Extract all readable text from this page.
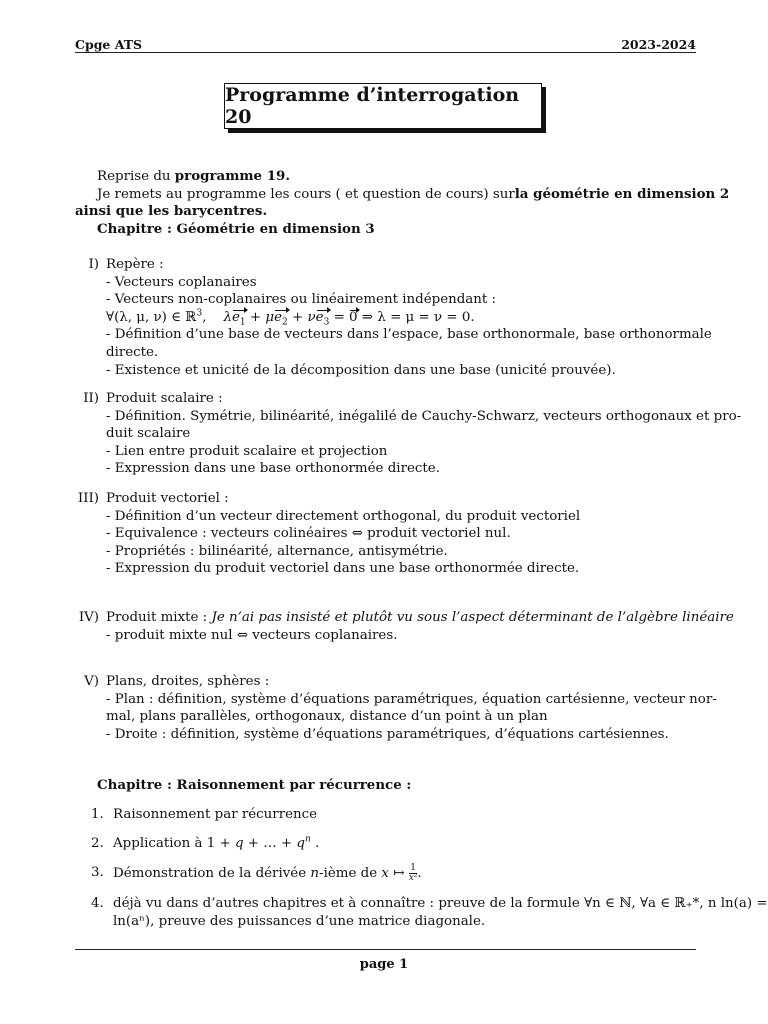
Cpge ATS	2023-2024
Programme d’interrogation 20
Reprise du programme 19.
Je remets au programme les cours ( et question de cours) sur la géométrie en dimension 2
ainsi que les barycentres.
Chapitre : Géométrie en dimension 3
I) Repère :
- Vecteurs coplanaires
- Vecteurs non-coplanaires ou linéairement indépendant :
∀(λ, μ, ν) ∈ ℝ$^3$, $\lambda e_1 + \mu e_2 + \nu e_3 = 0$ ⇒ λ = μ = ν = 0.
- Définition d’une base de vecteurs dans l’espace, base orthonormale, base orthonormale
directe.
- Existence et unicité de la décomposition dans une base (unicité prouvée).
II) Produit scalaire :
- Définition. Symétrie, bilinéarité, inégalilé de Cauchy-Schwarz, vecteurs orthogonaux et pro-
duit scalaire
- Lien entre produit scalaire et projection
- Expression dans une base orthonormée directe.
III) Produit vectoriel :
- Définition d’un vecteur directement orthogonal, du produit vectoriel
- Equivalence : vecteurs colinéaires ⇔ produit vectoriel nul.
- Propriétés : bilinéarité, alternance, antisymétrie.
- Expression du produit vectoriel dans une base orthonormée directe.
IV) Produit mixte : Je n’ai pas insisté et plutôt vu sous l’aspect déterminant de l’algèbre linéaire
- produit mixte nul ⇔ vecteurs coplanaires.
V) Plans, droites, sphères :
- Plan : définition, système d’équations paramétriques, équation cartésienne, vecteur nor-
mal, plans parallèles, orthogonaux, distance d’un point à un plan
- Droite : définition, système d’équations paramétriques, d’équations cartésiennes.
Chapitre : Raisonnement par récurrence :
1. Raisonnement par récurrence
2. Application à 1 + q + … + $q^n$ .
3. Démonstration de la dérivée n-ième de x ↦ $\frac{1}{\text{x²}}$ .
4. déjà vu dans d’autres chapitres et à connaître : preuve de la formule ∀n ∈ ℕ, ∀a ∈ ℝ₊*, n ln(a) =
ln(aⁿ), preuve des puissances d’une matrice diagonale.
page 1
